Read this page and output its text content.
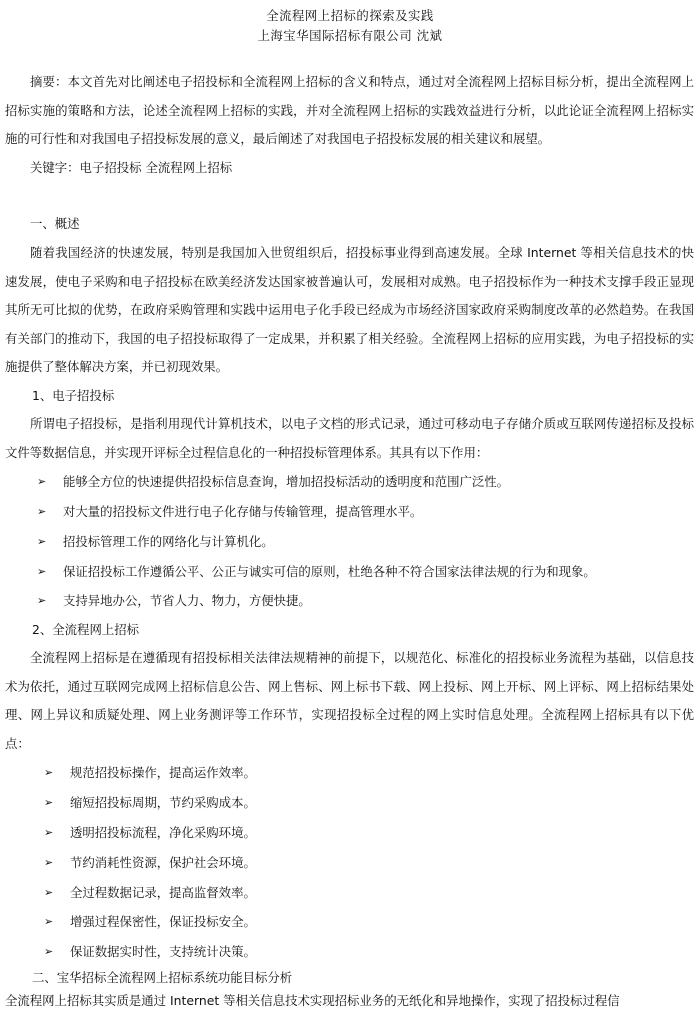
全流程网上招标的探索及实践
上海宝华国际招标有限公司 沈斌

摘要：本文首先对比阐述电子招投标和全流程网上招标的含义和特点，通过对全流程网上招标目标分析，提出全流程网上招标实施的策略和方法，论述全流程网上招标的实践，并对全流程网上招标的实践效益进行分析，以此论证全流程网上招标实施的可行性和对我国电子招投标发展的意义，最后阐述了对我国电子招投标发展的相关建议和展望。

关键字：电子招投标 全流程网上招标

一、概述

随着我国经济的快速发展，特别是我国加入世贸组织后，招投标事业得到高速发展。全球 Internet 等相关信息技术的快速发展，使电子采购和电子招投标在欧美经济发达国家被普遍认可，发展相对成熟。电子招投标作为一种技术支撑手段正显现其所无可比拟的优势，在政府采购管理和实践中运用电子化手段已经成为市场经济国家政府采购制度改革的必然趋势。在我国有关部门的推动下，我国的电子招投标取得了一定成果，并积累了相关经验。全流程网上招标的应用实践，为电子招投标的实施提供了整体解决方案，并已初现效果。

1、电子招投标

所谓电子招投标，是指利用现代计算机技术，以电子文档的形式记录，通过可移动电子存储介质或互联网传递招标及投标文件等数据信息，并实现开评标全过程信息化的一种招投标管理体系。其具有以下作用：

➢ 能够全方位的快速提供招投标信息查询，增加招投标活动的透明度和范围广泛性。
➢ 对大量的招投标文件进行电子化存储与传输管理，提高管理水平。
➢ 招投标管理工作的网络化与计算机化。
➢ 保证招投标工作遵循公平、公正与诚实可信的原则，杜绝各种不符合国家法律法规的行为和现象。
➢ 支持异地办公，节省人力、物力，方便快捷。

2、全流程网上招标

全流程网上招标是在遵循现有招投标相关法律法规精神的前提下，以规范化、标准化的招投标业务流程为基础，以信息技术为依托，通过互联网完成网上招标信息公告、网上售标、网上标书下载、网上投标、网上开标、网上评标、网上招标结果处理、网上异议和质疑处理、网上业务测评等工作环节，实现招投标全过程的网上实时信息处理。全流程网上招标具有以下优点：

➢ 规范招投标操作，提高运作效率。
➢ 缩短招投标周期，节约采购成本。
➢ 透明招投标流程，净化采购环境。
➢ 节约消耗性资源，保护社会环境。
➢ 全过程数据记录，提高监督效率。
➢ 增强过程保密性，保证投标安全。
➢ 保证数据实时性，支持统计决策。

二、宝华招标全流程网上招标系统功能目标分析

全流程网上招标其实质是通过 Internet 等相关信息技术实现招标业务的无纸化和异地操作，实现了招投标过程信
